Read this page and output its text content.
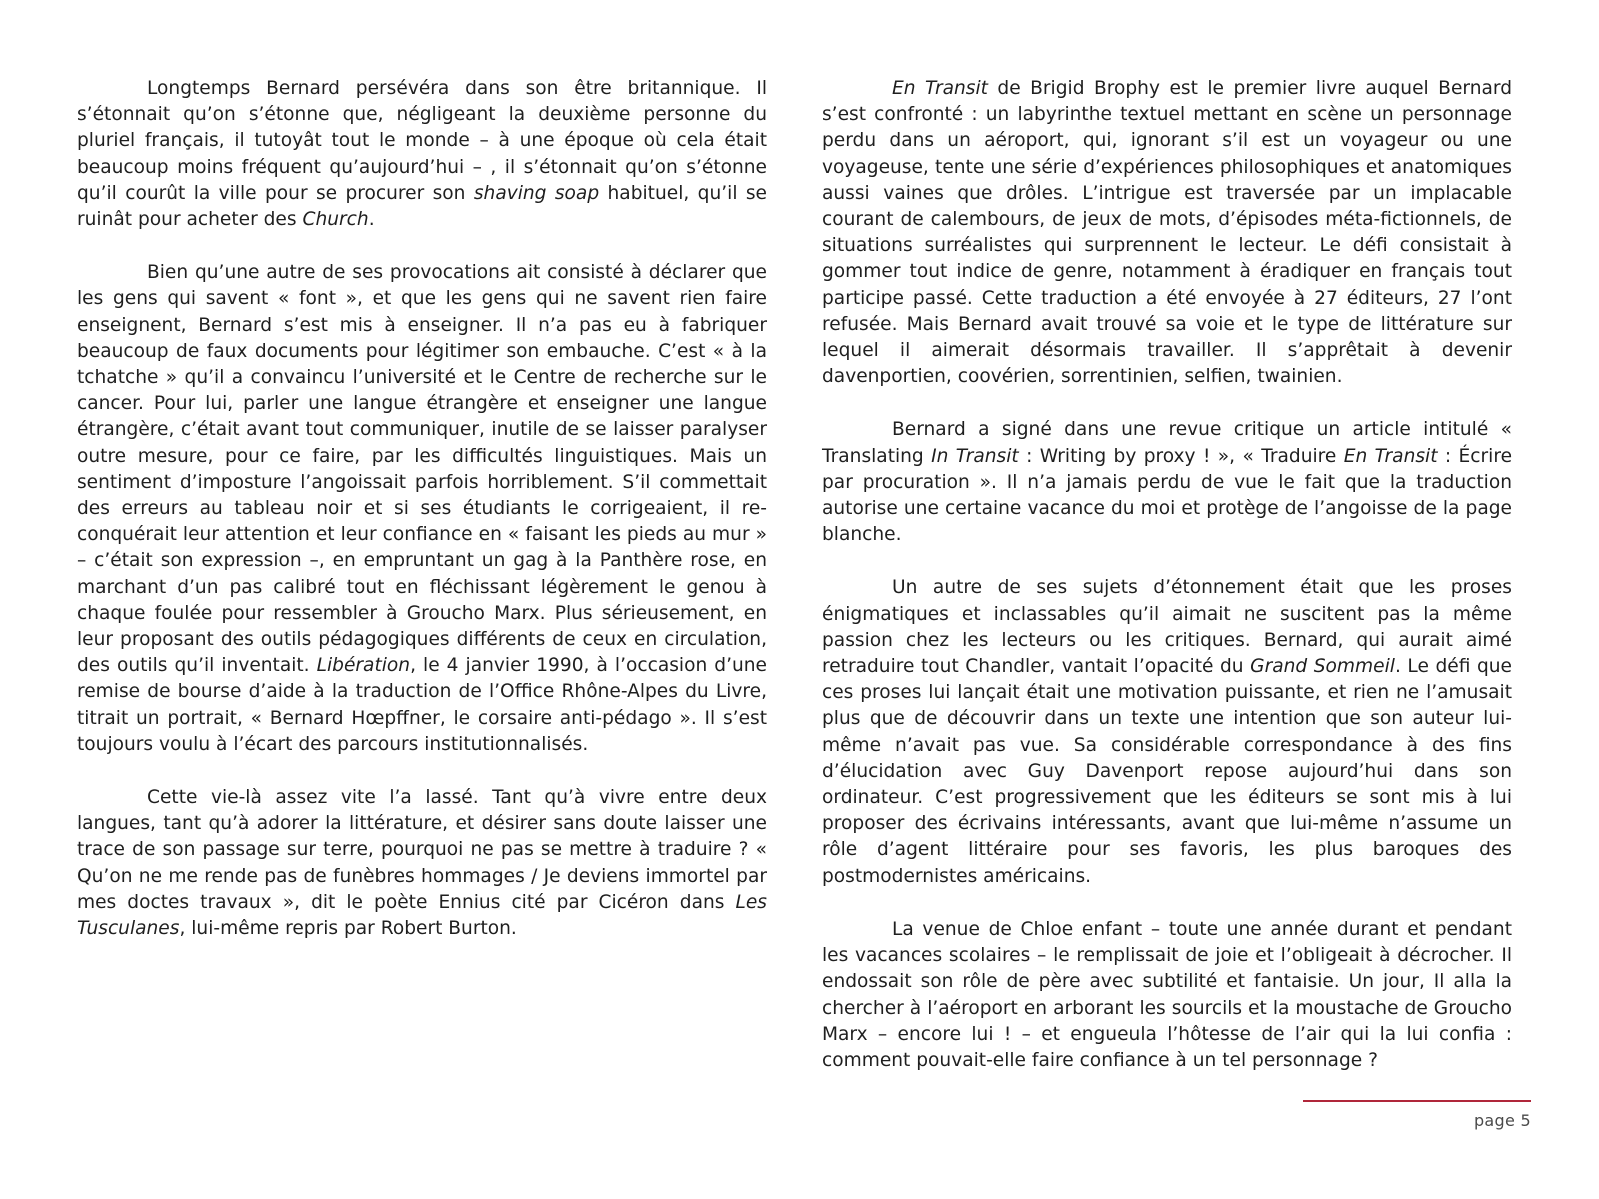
Longtemps Bernard persévéra dans son être britannique. Il s’étonnait qu’on s’étonne que, négligeant la deuxième personne du pluriel français, il tutoyât tout le monde – à une époque où cela était beaucoup moins fréquent qu’aujourd’hui – , il s’étonnait qu’on s’étonne qu’il courût la ville pour se procurer son shaving soap habituel, qu’il se ruinât pour acheter des Church.

Bien qu’une autre de ses provocations ait consisté à déclarer que les gens qui savent « font », et que les gens qui ne savent rien faire enseignent, Bernard s’est mis à enseigner. Il n’a pas eu à fabriquer beaucoup de faux documents pour légitimer son embauche. C’est « à la tchatche » qu’il a convaincu l’université et le Centre de recherche sur le cancer. Pour lui, parler une langue étrangère et enseigner une langue étrangère, c’était avant tout communiquer, inutile de se laisser paralyser outre mesure, pour ce faire, par les difficultés linguistiques. Mais un sentiment d’imposture l’angoissait parfois horriblement. S’il commettait des erreurs au tableau noir et si ses étudiants le corrigeaient, il re-conquérait leur attention et leur confiance en « faisant les pieds au mur » – c’était son expression –, en empruntant un gag à la Panthère rose, en marchant d’un pas calibré tout en fléchissant légèrement le genou à chaque foulée pour ressembler à Groucho Marx. Plus sérieusement, en leur proposant des outils pédagogiques différents de ceux en circulation, des outils qu’il inventait. Libération, le 4 janvier 1990, à l’occasion d’une remise de bourse d’aide à la traduction de l’Office Rhône-Alpes du Livre, titrait un portrait, « Bernard Hœpffner, le corsaire anti-pédago ». Il s’est toujours voulu à l’écart des parcours institutionnalisés.

Cette vie-là assez vite l’a lassé. Tant qu’à vivre entre deux langues, tant qu’à adorer la littérature, et désirer sans doute laisser une trace de son passage sur terre, pourquoi ne pas se mettre à traduire ? « Qu’on ne me rende pas de funèbres hommages / Je deviens immortel par mes doctes travaux », dit le poète Ennius cité par Cicéron dans Les Tusculanes, lui-même repris par Robert Burton.

En Transit de Brigid Brophy est le premier livre auquel Bernard s’est confronté : un labyrinthe textuel mettant en scène un personnage perdu dans un aéroport, qui, ignorant s’il est un voyageur ou une voyageuse, tente une série d’expériences philosophiques et anatomiques aussi vaines que drôles. L’intrigue est traversée par un implacable courant de calembours, de jeux de mots, d’épisodes méta-fictionnels, de situations surréalistes qui surprennent le lecteur. Le défi consistait à gommer tout indice de genre, notamment à éradiquer en français tout participe passé. Cette traduction a été envoyée à 27 éditeurs, 27 l’ont refusée. Mais Bernard avait trouvé sa voie et le type de littérature sur lequel il aimerait désormais travailler. Il s’apprêtait à devenir davenportien, coovérien, sorrentinien, selfien, twainien.

Bernard a signé dans une revue critique un article intitulé « Translating In Transit : Writing by proxy ! », « Traduire En Transit : Écrire par procuration ». Il n’a jamais perdu de vue le fait que la traduction autorise une certaine vacance du moi et protège de l’angoisse de la page blanche.

Un autre de ses sujets d’étonnement était que les proses énigmatiques et inclassables qu’il aimait ne suscitent pas la même passion chez les lecteurs ou les critiques. Bernard, qui aurait aimé retraduire tout Chandler, vantait l’opacité du Grand Sommeil. Le défi que ces proses lui lançait était une motivation puissante, et rien ne l’amusait plus que de découvrir dans un texte une intention que son auteur lui-même n’avait pas vue. Sa considérable correspondance à des fins d’élucidation avec Guy Davenport repose aujourd’hui dans son ordinateur. C’est progressivement que les éditeurs se sont mis à lui proposer des écrivains intéressants, avant que lui-même n’assume un rôle d’agent littéraire pour ses favoris, les plus baroques des postmodernistes américains.

La venue de Chloe enfant – toute une année durant et pendant les vacances scolaires – le remplissait de joie et l’obligeait à décrocher. Il endossait son rôle de père avec subtilité et fantaisie. Un jour, Il alla la chercher à l’aéroport en arborant les sourcils et la moustache de Groucho Marx – encore lui ! – et engueula l’hôtesse de l’air qui la lui confia : comment pouvait-elle faire confiance à un tel personnage ?

page 5
